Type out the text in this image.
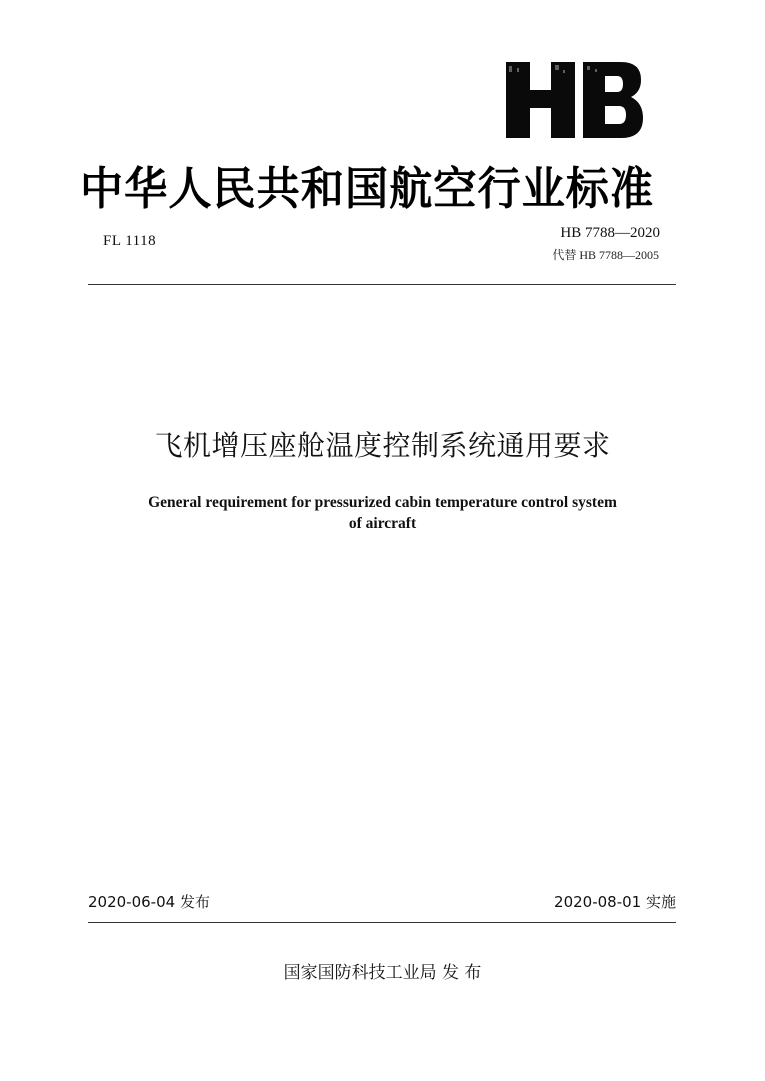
中华人民共和国航空行业标准
FL 1118	HB 7788—2020
代替 HB 7788—2005
飞机增压座舱温度控制系统通用要求
General requirement for pressurized cabin temperature control system
of aircraft
2020-06-04 发布	2020-08-01 实施
国家国防科技工业局 发 布
